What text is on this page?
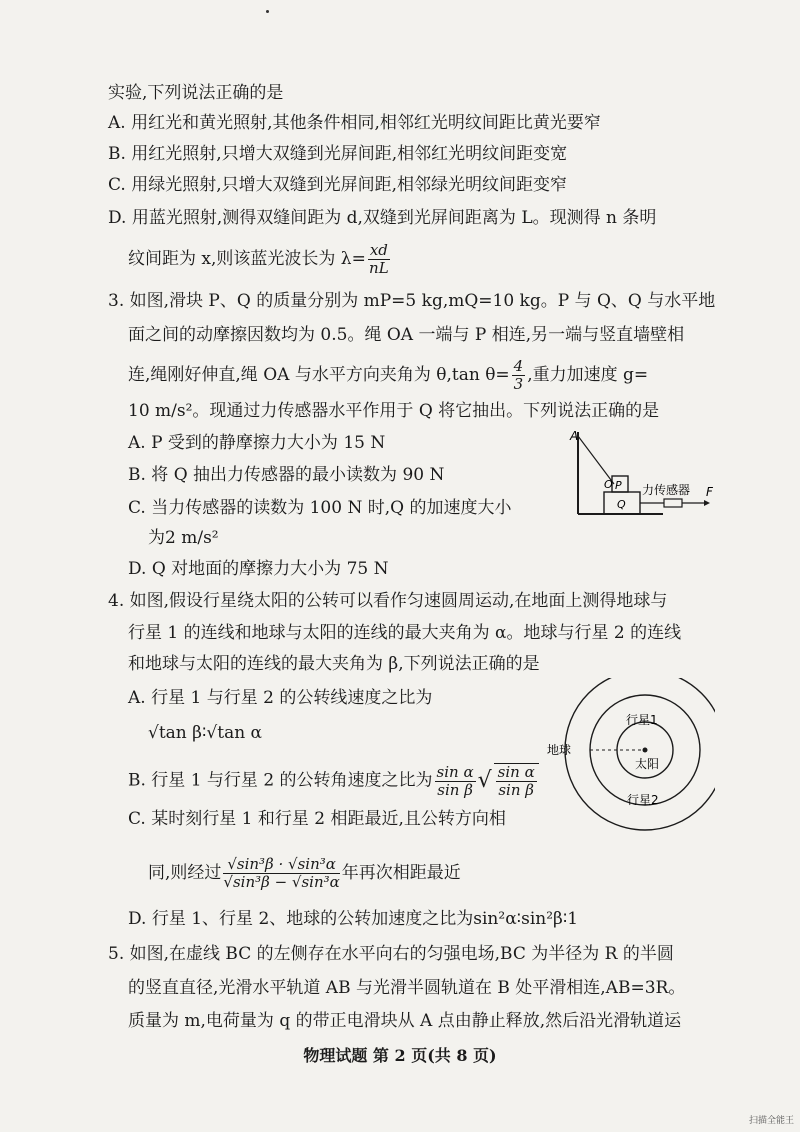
实验,下列说法正确的是
A. 用红光和黄光照射,其他条件相同,相邻红光明纹间距比黄光要窄
B. 用红光照射,只增大双缝到光屏间距,相邻红光明纹间距变宽
C. 用绿光照射,只增大双缝到光屏间距,相邻绿光明纹间距变窄
D. 用蓝光照射,测得双缝间距为 d,双缝到光屏间距离为 L。现测得 n 条明
纹间距为 x,则该蓝光波长为 $\lambda= \frac{xd}{nL}$
3. 如图,滑块 P、Q 的质量分别为 mP=5 kg,mQ=10 kg。P 与 Q、Q 与水平地
面之间的动摩擦因数均为 0.5。绳 OA 一端与 P 相连,另一端与竖直墙壁相
连,绳刚好伸直,绳 OA 与水平方向夹角为 θ,tan $\theta= \frac{4}{3}$ ,重力加速度 g=
10 m/s²。现通过力传感器水平作用于 Q 将它抽出。下列说法正确的是
A. P 受到的静摩擦力大小为 15 N
B. 将 Q 抽出力传感器的最小读数为 90 N
C. 当力传感器的读数为 100 N 时,Q 的加速度大小
为2 m/s²
D. Q 对地面的摩擦力大小为 75 N
A
O P
Q
力传感器 F
4. 如图,假设行星绕太阳的公转可以看作匀速圆周运动,在地面上测得地球与
行星 1 的连线和地球与太阳的连线的最大夹角为 α。地球与行星 2 的连线
和地球与太阳的连线的最大夹角为 β,下列说法正确的是
A. 行星 1 与行星 2 的公转线速度之比为
√tan β∶√tan α
B. 行星 1 与行星 2 的公转角速度之比为 $\frac{\text{sin α}}{\text{sin β}}$ √ $\frac{\text{sin α}}{\text{sin β}}$
C. 某时刻行星 1 和行星 2 相距最近,且公转方向相
同,则经过 $\frac{\text{√sin³β · √sin³α}}{\text{√sin³β − √sin³α}}$ 年再次相距最近
D. 行星 1、行星 2、地球的公转加速度之比为sin²α∶sin²β∶1
行星1
地球
太阳
行星2
5. 如图,在虚线 BC 的左侧存在水平向右的匀强电场,BC 为半径为 R 的半圆
的竖直直径,光滑水平轨道 AB 与光滑半圆轨道在 B 处平滑相连,AB=3R。
质量为 m,电荷量为 q 的带正电滑块从 A 点由静止释放,然后沿光滑轨道运
物理试题 第 2 页(共 8 页)
扫描全能王
